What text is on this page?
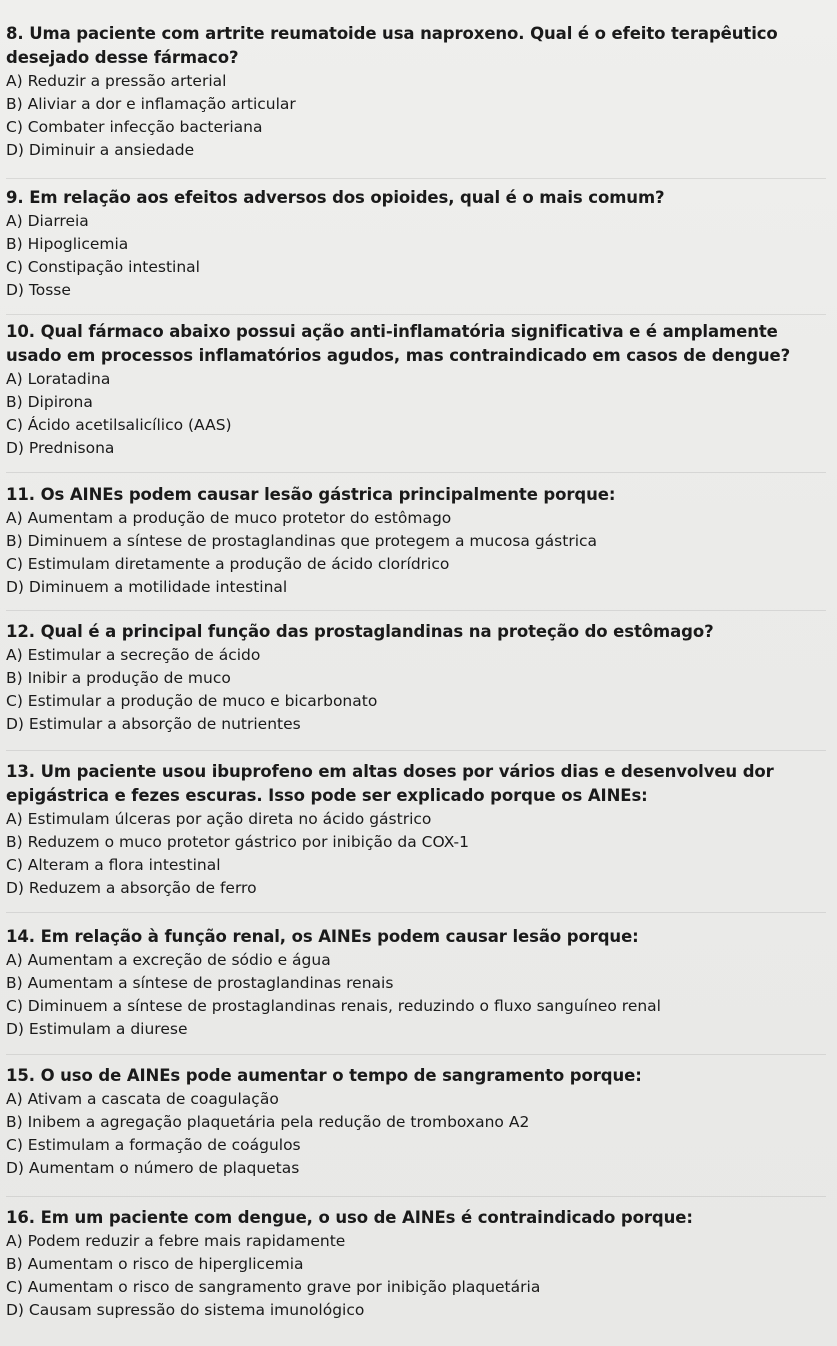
8. Uma paciente com artrite reumatoide usa naproxeno. Qual é o efeito terapêutico desejado desse fármaco?

A) Reduzir a pressão arterial

B) Aliviar a dor e inflamação articular

C) Combater infecção bacteriana

D) Diminuir a ansiedade

9. Em relação aos efeitos adversos dos opioides, qual é o mais comum?

A) Diarreia

B) Hipoglicemia

C) Constipação intestinal

D) Tosse

10. Qual fármaco abaixo possui ação anti-inflamatória significativa e é amplamente usado em processos inflamatórios agudos, mas contraindicado em casos de dengue?

A) Loratadina

B) Dipirona

C) Ácido acetilsalicílico (AAS)

D) Prednisona

11. Os AINEs podem causar lesão gástrica principalmente porque:

A) Aumentam a produção de muco protetor do estômago

B) Diminuem a síntese de prostaglandinas que protegem a mucosa gástrica

C) Estimulam diretamente a produção de ácido clorídrico

D) Diminuem a motilidade intestinal

12. Qual é a principal função das prostaglandinas na proteção do estômago?

A) Estimular a secreção de ácido

B) Inibir a produção de muco

C) Estimular a produção de muco e bicarbonato

D) Estimular a absorção de nutrientes

13. Um paciente usou ibuprofeno em altas doses por vários dias e desenvolveu dor epigástrica e fezes escuras. Isso pode ser explicado porque os AINEs:

A) Estimulam úlceras por ação direta no ácido gástrico

B) Reduzem o muco protetor gástrico por inibição da COX-1

C) Alteram a flora intestinal

D) Reduzem a absorção de ferro

14. Em relação à função renal, os AINEs podem causar lesão porque:

A) Aumentam a excreção de sódio e água

B) Aumentam a síntese de prostaglandinas renais

C) Diminuem a síntese de prostaglandinas renais, reduzindo o fluxo sanguíneo renal

D) Estimulam a diurese

15. O uso de AINEs pode aumentar o tempo de sangramento porque:

A) Ativam a cascata de coagulação

B) Inibem a agregação plaquetária pela redução de tromboxano A2

C) Estimulam a formação de coágulos

D) Aumentam o número de plaquetas

16. Em um paciente com dengue, o uso de AINEs é contraindicado porque:

A) Podem reduzir a febre mais rapidamente

B) Aumentam o risco de hiperglicemia

C) Aumentam o risco de sangramento grave por inibição plaquetária

D) Causam supressão do sistema imunológico
